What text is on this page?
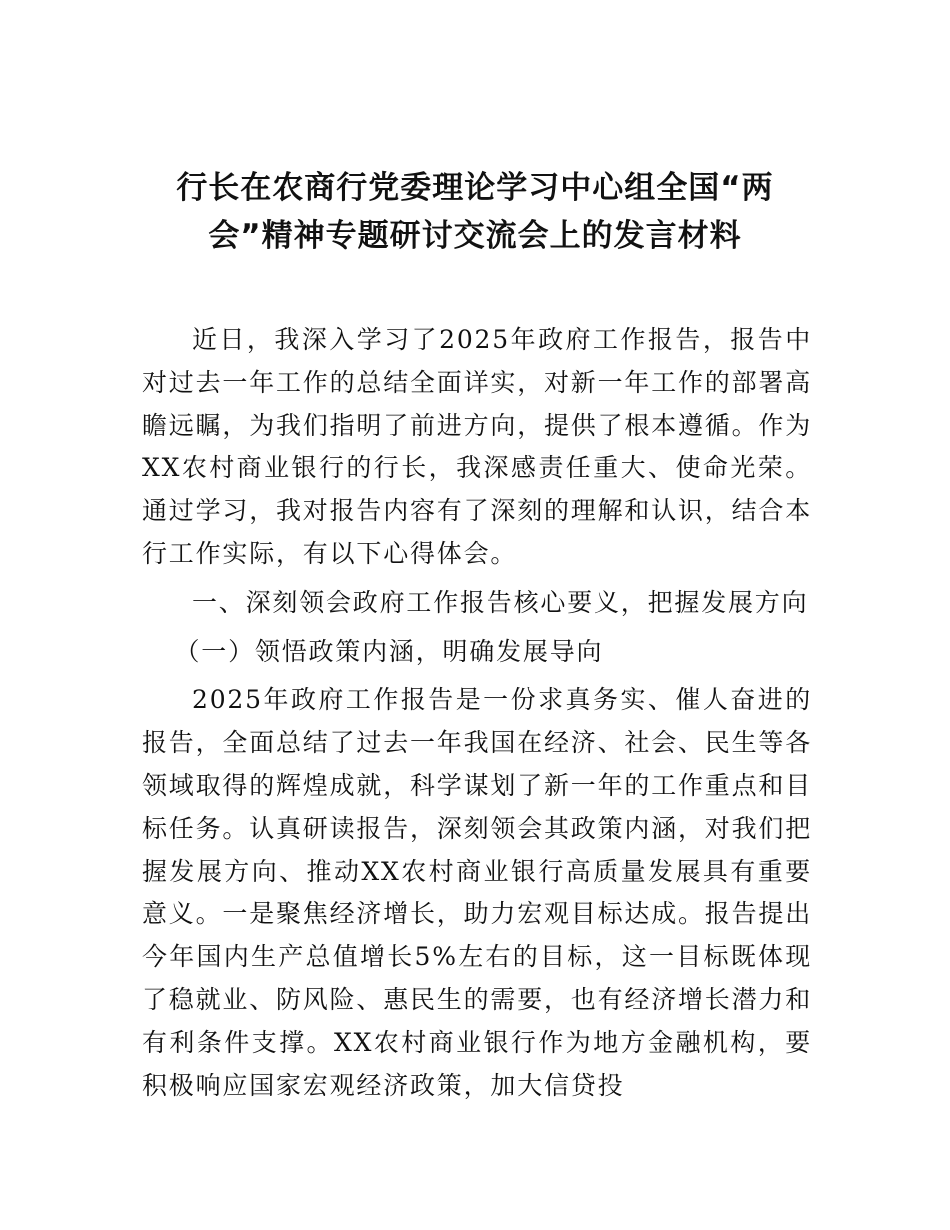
行长在农商行党委理论学习中心组全国“两
会”精神专题研讨交流会上的发言材料

近日，我深入学习了2025年政府工作报告，报告中对过去一年工作的总结全面详实，对新一年工作的部署高瞻远瞩，为我们指明了前进方向，提供了根本遵循。作为XX农村商业银行的行长，我深感责任重大、使命光荣。通过学习，我对报告内容有了深刻的理解和认识，结合本行工作实际，有以下心得体会。

一、深刻领会政府工作报告核心要义，把握发展方向

（一）领悟政策内涵，明确发展导向

2025年政府工作报告是一份求真务实、催人奋进的报告，全面总结了过去一年我国在经济、社会、民生等各领域取得的辉煌成就，科学谋划了新一年的工作重点和目标任务。认真研读报告，深刻领会其政策内涵，对我们把握发展方向、推动XX农村商业银行高质量发展具有重要意义。一是聚焦经济增长，助力宏观目标达成。报告提出今年国内生产总值增长5%左右的目标，这一目标既体现了稳就业、防风险、惠民生的需要，也有经济增长潜力和有利条件支撑。XX农村商业银行作为地方金融机构，要积极响应国家宏观经济政策，加大信贷投
